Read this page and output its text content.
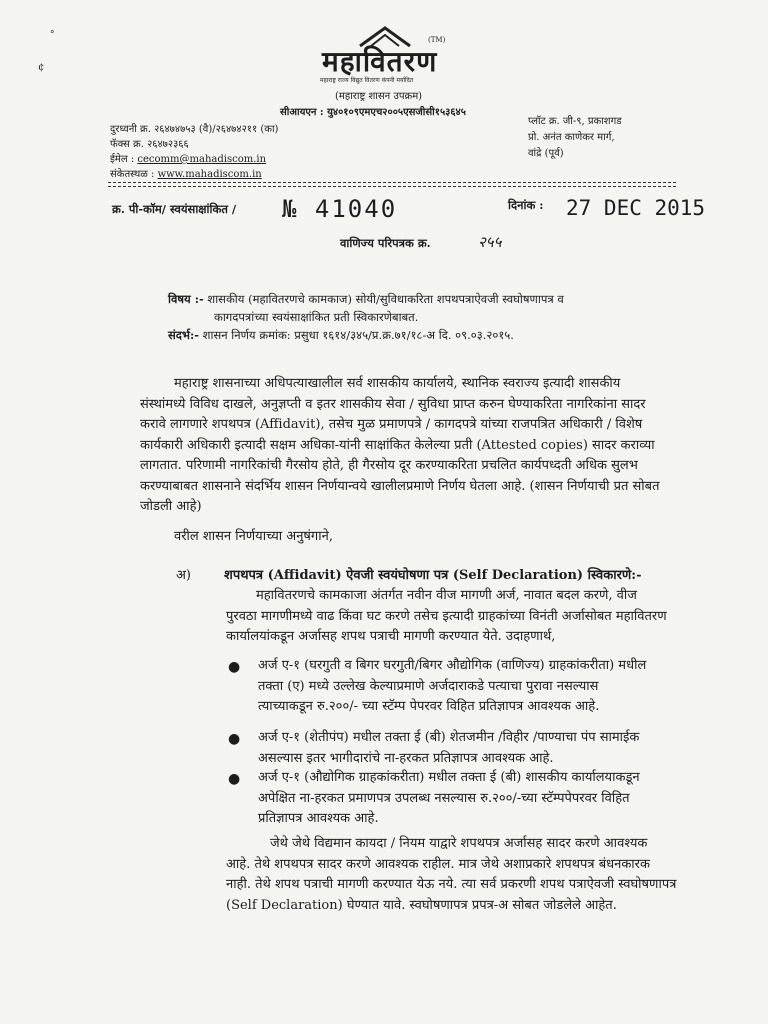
°
¢
(TM)
महावितरण
महाराष्ट्र राज्य विद्युत वितरण कंपनी मर्यादित
(महाराष्ट्र शासन उपक्रम)
सीआयएन : यु४०१०९एमएच२००५एसजीसी१५३६४५
दुरध्वनी क्र. २६४७४७५३ (वै)/२६४७४२११ (का)
फॅक्स क्र. २६४७२३६६
ईमेल : cecomm@mahadiscom.in
संकेतस्थळ : www.mahadiscom.in
प्लॉट क्र. जी-९, प्रकाशगड
प्रो. अनंत काणेकर मार्ग,
वांद्रे (पूर्व)
क्र. पी-कॉम/ स्वयंसाक्षांकित / № 41040	दिनांक : 27 DEC 2015
वाणिज्य परिपत्रक क्र.	२५५
विषय :- शासकीय (महावितरणचे कामकाज) सोयी/सुविधाकरिता शपथपत्राऐवजी स्वघोषणापत्र व
कागदपत्रांच्या स्वयंसाक्षांकित प्रती स्विकारणेबाबत.
संदर्भ:- शासन निर्णय क्रमांक: प्रसुधा १६१४/३४५/प्र.क्र.७१/१८-अ दि. ०९.०३.२०१५.
महाराष्ट्र शासनाच्या अधिपत्याखालील सर्व शासकीय कार्यालये, स्थानिक स्वराज्य इत्यादी शासकीय
संस्थांमध्ये विविध दाखले, अनुज्ञप्ती व इतर शासकीय सेवा / सुविधा प्राप्त करुन घेण्याकरिता नागरिकांना सादर
करावे लागणारे शपथपत्र (Affidavit), तसेच मुळ प्रमाणपत्रे / कागदपत्रे यांच्या राजपत्रित अधिकारी / विशेष
कार्यकारी अधिकारी इत्यादी सक्षम अधिका-यांनी साक्षांकित केलेल्या प्रती (Attested copies) सादर कराव्या
लागतात. परिणामी नागरिकांची गैरसोय होते, ही गैरसोय दूर करण्याकरिता प्रचलित कार्यपध्दती अधिक सुलभ
करण्याबाबत शासनाने संदर्भिय शासन निर्णयान्वये खालीलप्रमाणे निर्णय घेतला आहे. (शासन निर्णयाची प्रत सोबत
जोडली आहे)
वरील शासन निर्णयाच्या अनुषंगाने,
अ)	शपथपत्र (Affidavit) ऐवजी स्वयंघोषणा पत्र (Self Declaration) स्विकारणे:-
महावितरणचे कामकाजा अंतर्गत नवीन वीज मागणी अर्ज, नावात बदल करणे, वीज
पुरवठा मागणीमध्ये वाढ किंवा घट करणे तसेच इत्यादी ग्राहकांच्या विनंती अर्जासोबत महावितरण
कार्यालयांकडून अर्जासह शपथ पत्राची मागणी करण्यात येते. उदाहणार्थ,
● अर्ज ए-१ (घरगुती व बिगर घरगुती/बिगर औद्योगिक (वाणिज्य) ग्राहकांकरीता) मधील
तक्ता (ए) मध्ये उल्लेख केल्याप्रमाणे अर्जदाराकडे पत्याचा पुरावा नसल्यास
त्याच्याकडून रु.२००/- च्या स्टॅम्प पेपरवर विहित प्रतिज्ञापत्र आवश्यक आहे.
● अर्ज ए-१ (शेतीपंप) मधील तक्ता ई (बी) शेतजमीन /विहीर /पाण्याचा पंप सामाईक
असल्यास इतर भागीदारांचे ना-हरकत प्रतिज्ञापत्र आवश्यक आहे.
● अर्ज ए-१ (औद्योगिक ग्राहकांकरीता) मधील तक्ता ई (बी) शासकीय कार्यालयाकडून
अपेक्षित ना-हरकत प्रमाणपत्र उपलब्ध नसल्यास रु.२००/-च्या स्टॅम्पपेपरवर विहित
प्रतिज्ञापत्र आवश्यक आहे.
जेथे जेथे विद्यमान कायदा / नियम याद्वारे शपथपत्र अर्जासह सादर करणे आवश्यक
आहे. तेथे शपथपत्र सादर करणे आवश्यक राहील. मात्र जेथे अशाप्रकारे शपथपत्र बंधनकारक
नाही. तेथे शपथ पत्राची मागणी करण्यात येऊ नये. त्या सर्व प्रकरणी शपथ पत्राऐवजी स्वघोषणापत्र
(Self Declaration) घेण्यात यावे. स्वघोषणापत्र प्रपत्र-अ सोबत जोडलेले आहेत.
